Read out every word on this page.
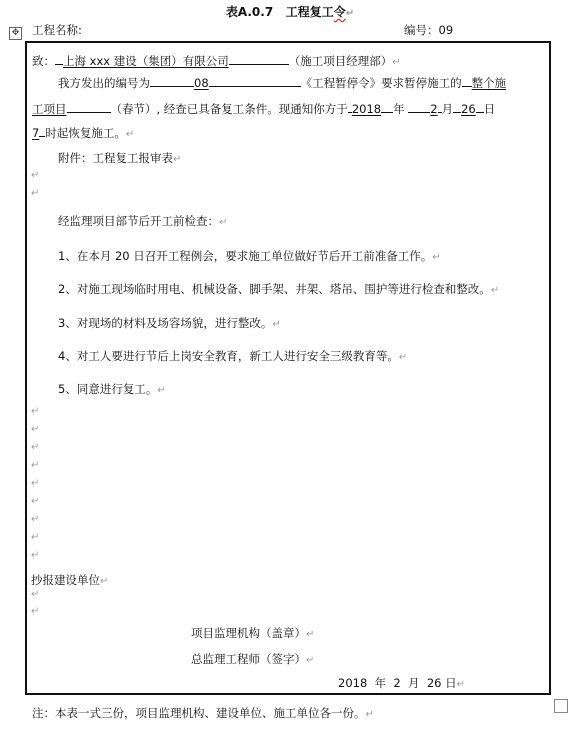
表A.0.7 工程复工令↵
✥ 工程名称:	编号：09
致： 上海 xxx 建设（集团）有限公司	（施工项目经理部）↵
我方发出的编号为	08	《工程暂停令》要求暂停施工的 整个施
工项目	（春节）, 经查已具备复工条件。现通知你方于 2018 年 2 月 26 日
7 时起恢复施工。↵
附件：工程复工报审表↵
↵
↵
经监理项目部节后开工前检查：↵
1、在本月 20 日召开工程例会，要求施工单位做好节后开工前准备工作。↵
2、对施工现场临时用电、机械设备、脚手架、井架、塔吊、围护等进行检查和整改。↵
3、对现场的材料及场容场貌，进行整改。↵
4、对工人要进行节后上岗安全教育，新工人进行安全三级教育等。↵
5、同意进行复工。↵
↵
↵
↵
↵
↵
↵
↵
↵
↵
抄报建设单位↵
↵
↵
项目监理机构（盖章）↵
总监理工程师（签字）↵
2018  年  2  月  26 日↵
注：本表一式三份，项目监理机构、建设单位、施工单位各一份。↵
